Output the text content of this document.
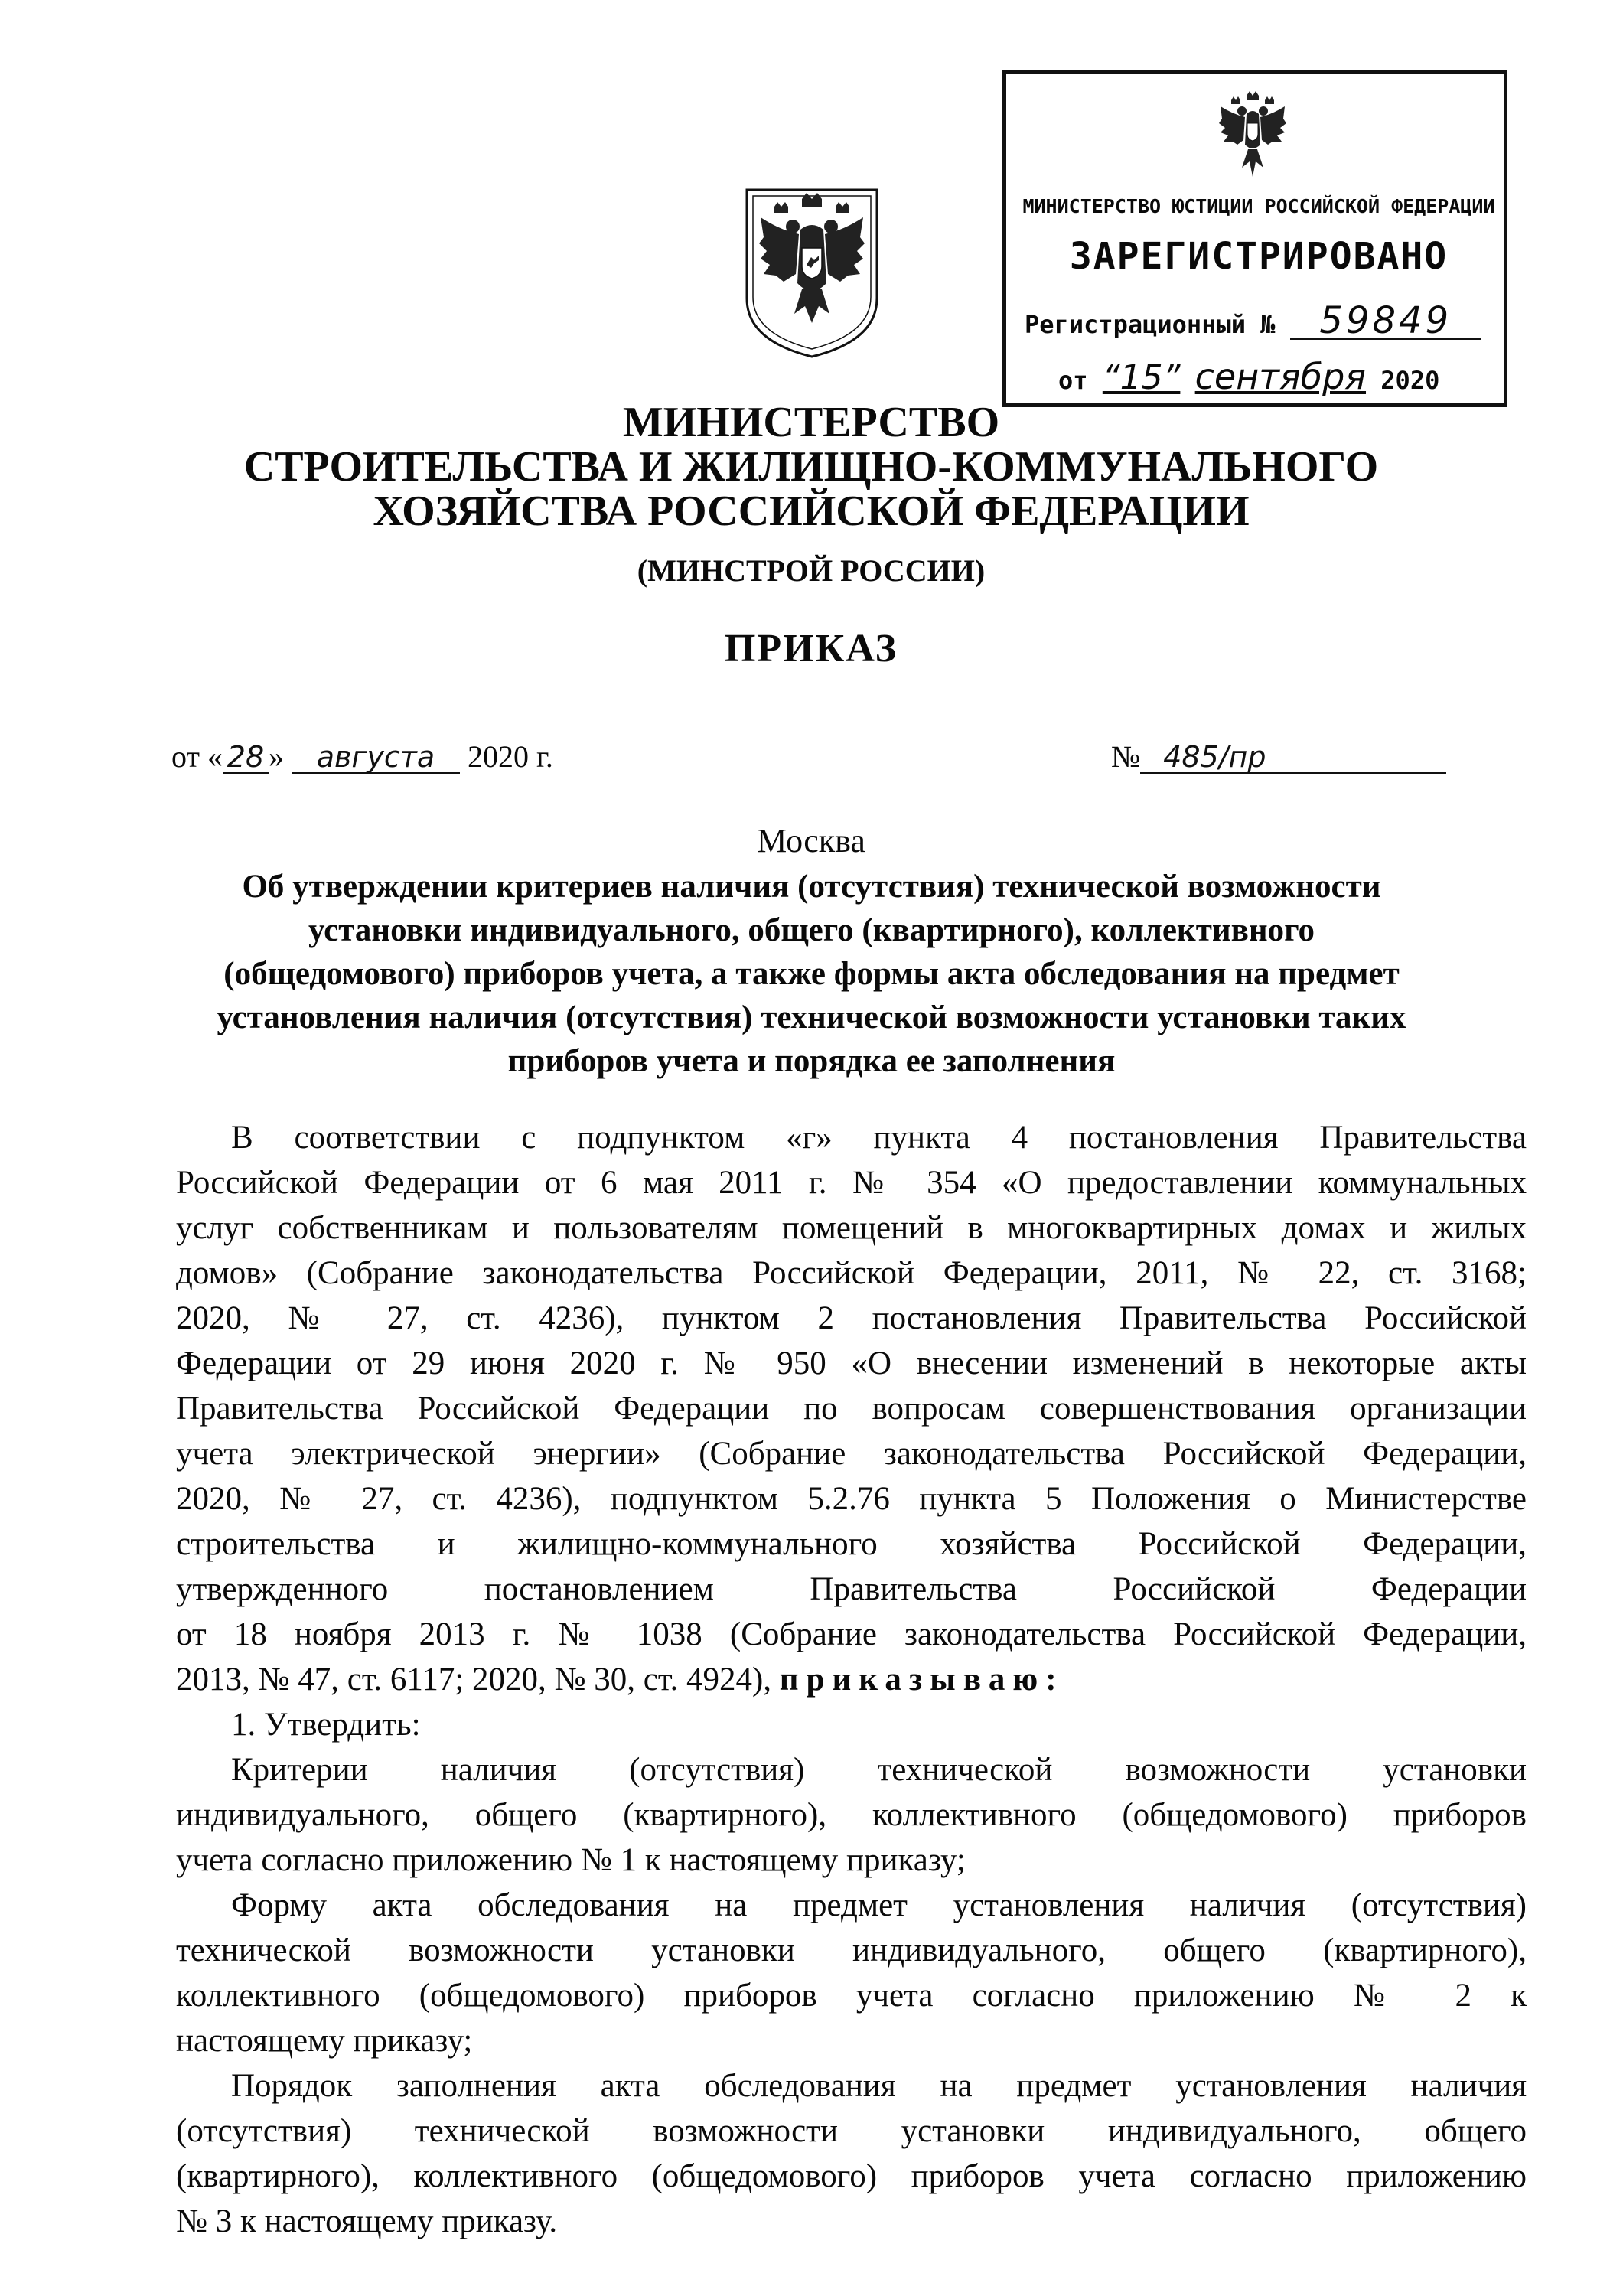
МИНИСТЕРСТВО ЮСТИЦИИ РОССИЙСКОЙ ФЕДЕРАЦИИ
ЗАРЕГИСТРИРОВАНО
Регистрационный № 59849
от “15” сентября 2020
МИНИСТЕРСТВО
СТРОИТЕЛЬСТВА И ЖИЛИЩНО-КОММУНАЛЬНОГО
ХОЗЯЙСТВА РОССИЙСКОЙ ФЕДЕРАЦИИ
(МИНСТРОЙ РОССИИ)
ПРИКАЗ
от « 28 » августа 2020 г.	№ 485/пр
Москва
Об утверждении критериев наличия (отсутствия) технической возможности
установки индивидуального, общего (квартирного), коллективного
(общедомового) приборов учета, а также формы акта обследования на предмет
установления наличия (отсутствия) технической возможности установки таких
приборов учета и порядка ее заполнения
В соответствии с подпунктом «г» пункта 4 постановления Правительства
Российской Федерации от 6 мая 2011 г. № 354 «О предоставлении коммунальных
услуг собственникам и пользователям помещений в многоквартирных домах и жилых
домов» (Собрание законодательства Российской Федерации, 2011, № 22, ст. 3168;
2020, № 27, ст. 4236), пунктом 2 постановления Правительства Российской
Федерации от 29 июня 2020 г. № 950 «О внесении изменений в некоторые акты
Правительства Российской Федерации по вопросам совершенствования организации
учета электрической энергии» (Собрание законодательства Российской Федерации,
2020, № 27, ст. 4236), подпунктом 5.2.76 пункта 5 Положения о Министерстве
строительства и жилищно-коммунального хозяйства Российской Федерации,
утвержденного постановлением Правительства Российской Федерации
от 18 ноября 2013 г. № 1038 (Собрание законодательства Российской Федерации,
2013, № 47, ст. 6117; 2020, № 30, ст. 4924), приказываю:
1. Утвердить:
Критерии наличия (отсутствия) технической возможности установки
индивидуального, общего (квартирного), коллективного (общедомового) приборов
учета согласно приложению № 1 к настоящему приказу;
Форму акта обследования на предмет установления наличия (отсутствия)
технической возможности установки индивидуального, общего (квартирного),
коллективного (общедомового) приборов учета согласно приложению № 2 к
настоящему приказу;
Порядок заполнения акта обследования на предмет установления наличия
(отсутствия) технической возможности установки индивидуального, общего
(квартирного), коллективного (общедомового) приборов учета согласно приложению
№ 3 к настоящему приказу.
